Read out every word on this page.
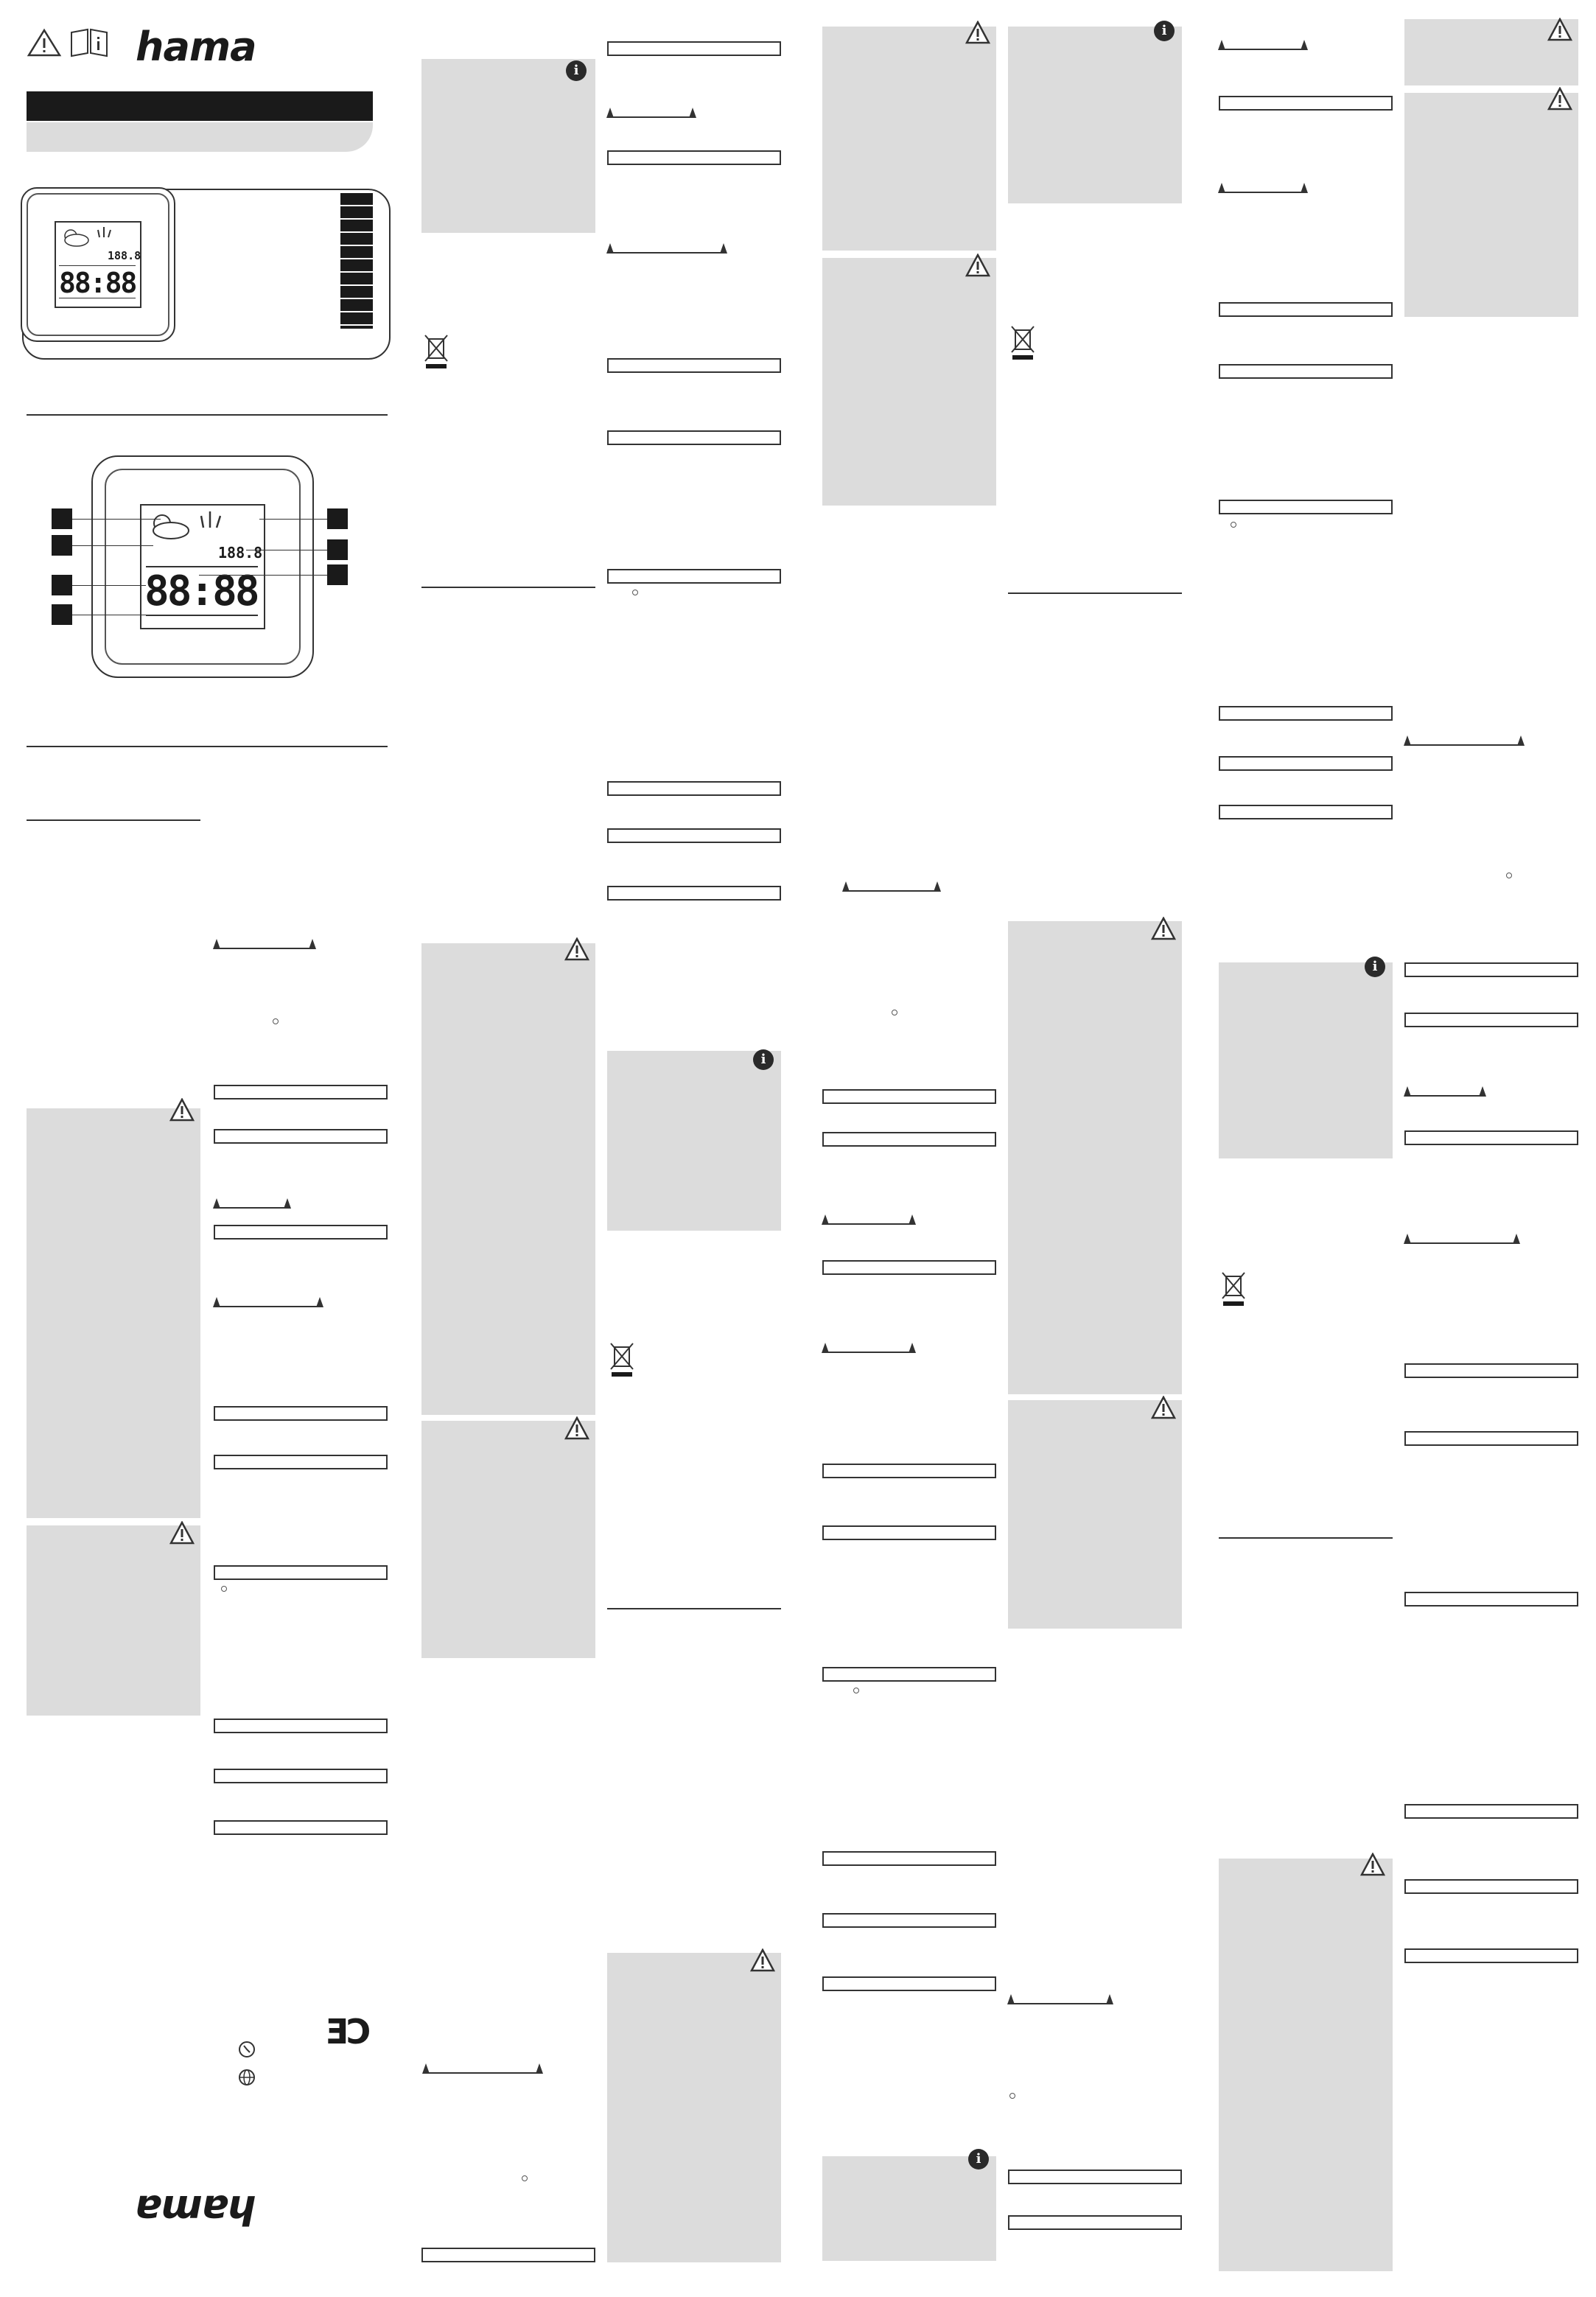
hama
188.8
88:88
188.8
88:88
CE
hama
i
i
i
i
i
